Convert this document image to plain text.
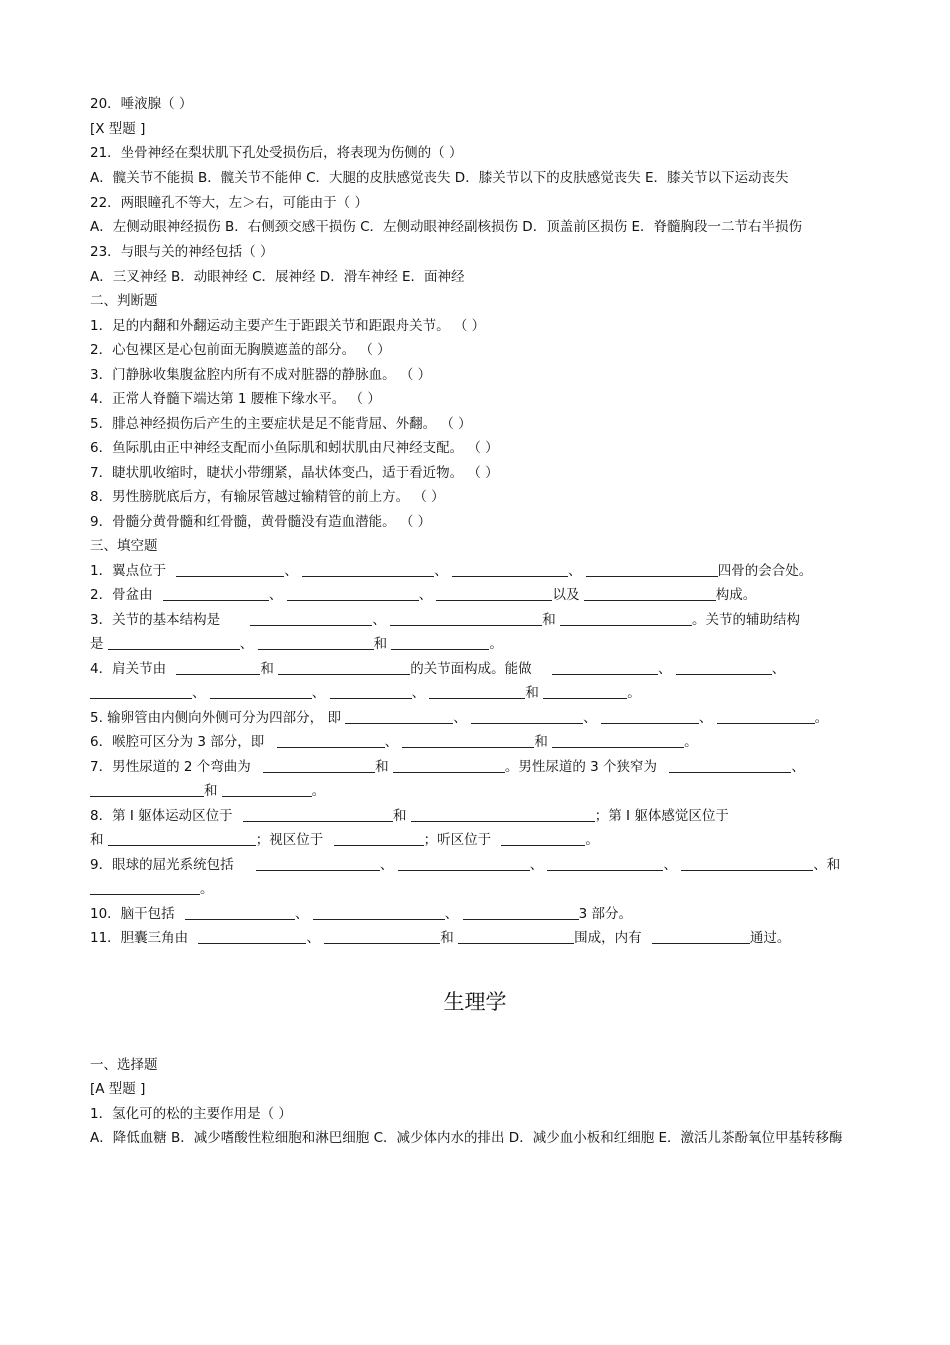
20．唾液腺（ ）
[X 型题 ]
21．坐骨神经在梨状肌下孔处受损伤后，将表现为伤侧的（ ）
A．髋关节不能损 B．髋关节不能伸 C．大腿的皮肤感觉丧失 D．膝关节以下的皮肤感觉丧失 E．膝关节以下运动丧失
22．两眼瞳孔不等大，左＞右，可能由于（ ）
A．左侧动眼神经损伤 B．右侧颈交感干损伤 C．左侧动眼神经副核损伤 D．顶盖前区损伤 E．脊髓胸段一二节右半损伤
23．与眼与关的神经包括（ ）
A．三叉神经 B．动眼神经 C．展神经 D．滑车神经 E．面神经
二、判断题
1．足的内翻和外翻运动主要产生于距跟关节和距跟舟关节。 （ ）
2．心包裸区是心包前面无胸膜遮盖的部分。 （ ）
3．门静脉收集腹盆腔内所有不成对脏器的静脉血。 （ ）
4．正常人脊髓下端达第 1 腰椎下缘水平。 （ ）
5．腓总神经损伤后产生的主要症状是足不能背屈、外翻。 （ ）
6．鱼际肌由正中神经支配而小鱼际肌和蚓状肌由尺神经支配。 （ ）
7．睫状肌收缩时，睫状小带绷紧，晶状体变凸，适于看近物。 （ ）
8．男性膀胱底后方，有输尿管越过输精管的前上方。 （ ）
9．骨髓分黄骨髓和红骨髓，黄骨髓没有造血潜能。 （ ）
三、填空题
1．翼点位于	、	、	、	四骨的会合处。
2．骨盆由	、	、	以及	构成。
3．关节的基本结构是	、	和	。关节的辅助结构
是	、	和	。
4．肩关节由	和	的关节面构成。能做	、	、
、	、	、	和	。
5. 输卵管由内侧向外侧可分为四部分， 即	、	、	、	。
6．喉腔可区分为 3 部分，即	、	和	。
7．男性尿道的 2 个弯曲为	和	。男性尿道的 3 个狭窄为	、
和	。
8．第 Ⅰ 躯体运动区位于	和	；第 Ⅰ 躯体感觉区位于
和	；视区位于	；听区位于	。
9．眼球的屈光系统包括	、	、	、	、和
。
10．脑干包括	、	、	3 部分。
11．胆囊三角由	、	和	围成，内有	通过。
生理学
一、选择题
[A 型题 ]
1．氢化可的松的主要作用是（ ）
A．降低血糖 B．减少嗜酸性粒细胞和淋巴细胞 C．减少体内水的排出 D．减少血小板和红细胞 E．激活儿茶酚氧位甲基转移酶
